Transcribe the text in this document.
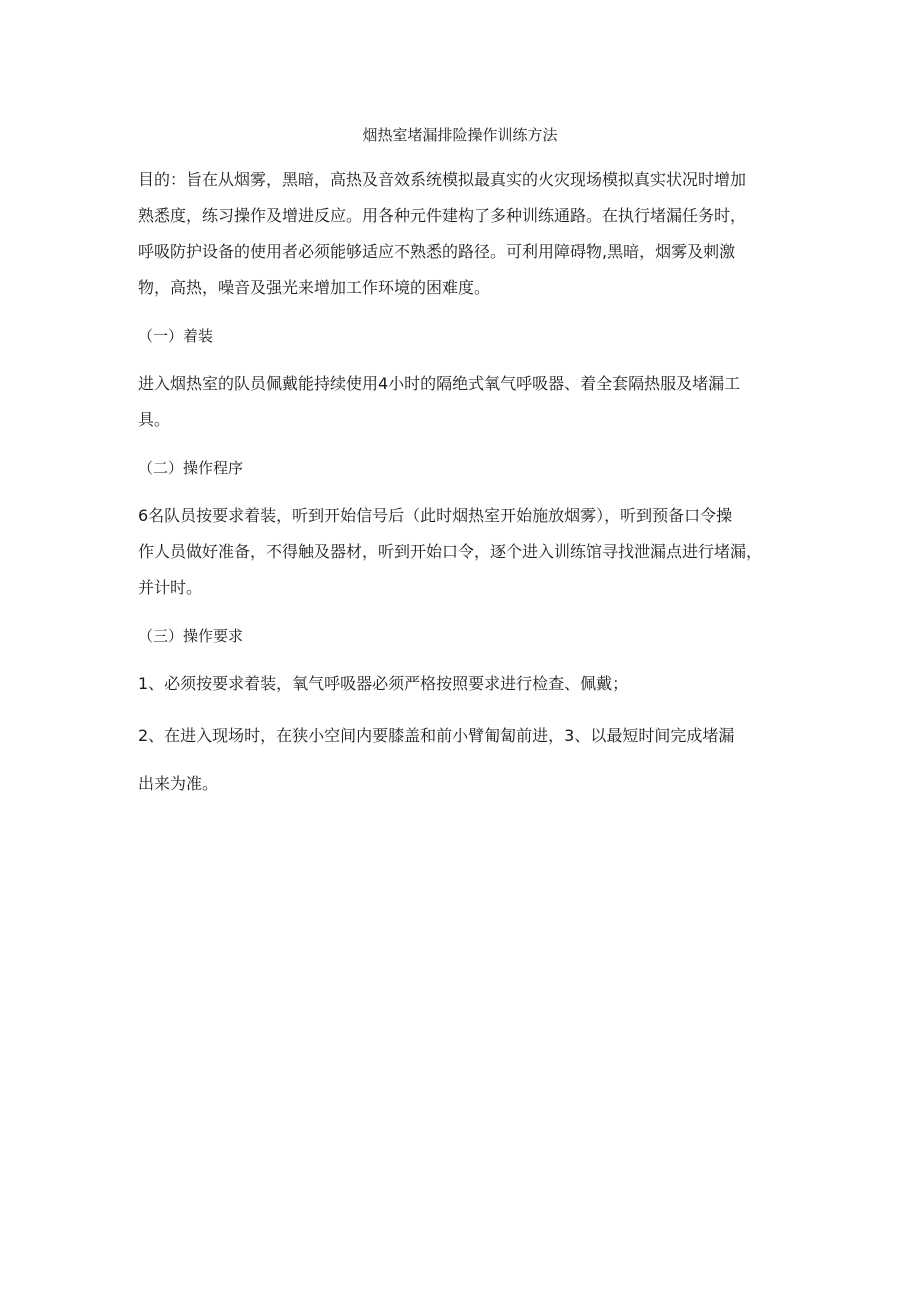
烟热室堵漏排险操作训练方法

目的：旨在从烟雾，黑暗，高热及音效系统模拟最真实的火灾现场模拟真实状况时增加
熟悉度，练习操作及增进反应。用各种元件建构了多种训练通路。在执行堵漏任务时，
呼吸防护设备的使用者必须能够适应不熟悉的路径。可利用障碍物,黑暗，烟雾及刺激
物，高热，噪音及强光来增加工作环境的困难度。

（一）着装

进入烟热室的队员佩戴能持续使用4小时的隔绝式氧气呼吸器、着全套隔热服及堵漏工
具。

（二）操作程序

6名队员按要求着装，听到开始信号后（此时烟热室开始施放烟雾），听到预备口令操
作人员做好准备，不得触及器材，听到开始口令，逐个进入训练馆寻找泄漏点进行堵漏，
并计时。

（三）操作要求

1、必须按要求着装，氧气呼吸器必须严格按照要求进行检查、佩戴；

2、在进入现场时，在狭小空间内要膝盖和前小臂匍匐前进，3、以最短时间完成堵漏
出来为准。
